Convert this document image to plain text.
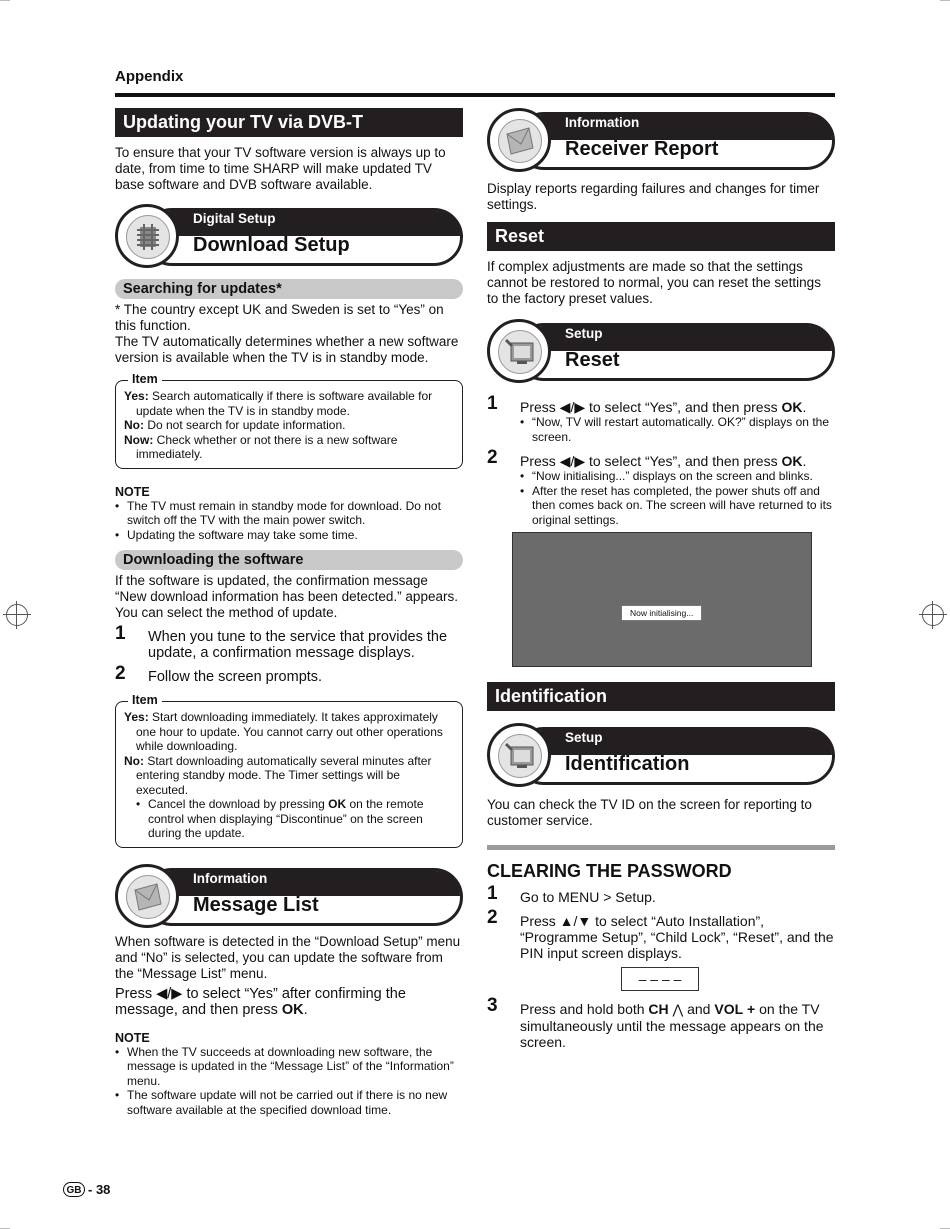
Appendix
Updating your TV via DVB-T

To ensure that your TV software version is always up to date, from time to time SHARP will make updated TV base software and DVB software available.

Digital Setup
Download Setup
Searching for updates*

* The country except UK and Sweden is set to “Yes” on this function.

The TV automatically determines whether a new software version is available when the TV is in standby mode.

Item
Yes: Search automatically if there is software available for update when the TV is in standby mode.
No: Do not search for update information.
Now: Check whether or not there is a new software immediately.
NOTE
• The TV must remain in standby mode for download. Do not switch off the TV with the main power switch.
• Updating the software may take some time.
Downloading the software

If the software is updated, the confirmation message “New download information has been detected.” appears. You can select the method of update.

1 When you tune to the service that provides the update, a confirmation message displays.
2 Follow the screen prompts.
Item
Yes: Start downloading immediately. It takes approximately one hour to update. You cannot carry out other operations while downloading.
No: Start downloading automatically several minutes after entering standby mode. The Timer settings will be executed.
• Cancel the download by pressing OK on the remote control when displaying “Discontinue” on the screen during the update.
Information
Message List

When software is detected in the “Download Setup” menu and “No” is selected, you can update the software from the “Message List” menu.

Press ◀/▶ to select “Yes” after confirming the message, and then press OK.

NOTE
• When the TV succeeds at downloading new software, the message is updated in the “Message List” of the “Information” menu.
• The software update will not be carried out if there is no new software available at the specified download time.
Information
Receiver Report

Display reports regarding failures and changes for timer settings.

Reset

If complex adjustments are made so that the settings cannot be restored to normal, you can reset the settings to the factory preset values.

Setup
Reset
1 Press ◀/▶ to select “Yes”, and then press OK.
• “Now, TV will restart automatically. OK?” displays on the screen.
2 Press ◀/▶ to select “Yes”, and then press OK.
• “Now initialising...” displays on the screen and blinks.
• After the reset has completed, the power shuts off and then comes back on. The screen will have returned to its original settings.
Now initialising...
Identification
Setup
Identification

You can check the TV ID on the screen for reporting to customer service.

CLEARING THE PASSWORD
1 Go to MENU > Setup.
2 Press ▲/▼ to select “Auto Installation”, “Programme Setup”, “Child Lock”, “Reset”, and the PIN input screen displays.
– – – –
3 Press and hold both CH ⋀ and VOL + on the TV simultaneously until the message appears on the screen.
GB - 38
